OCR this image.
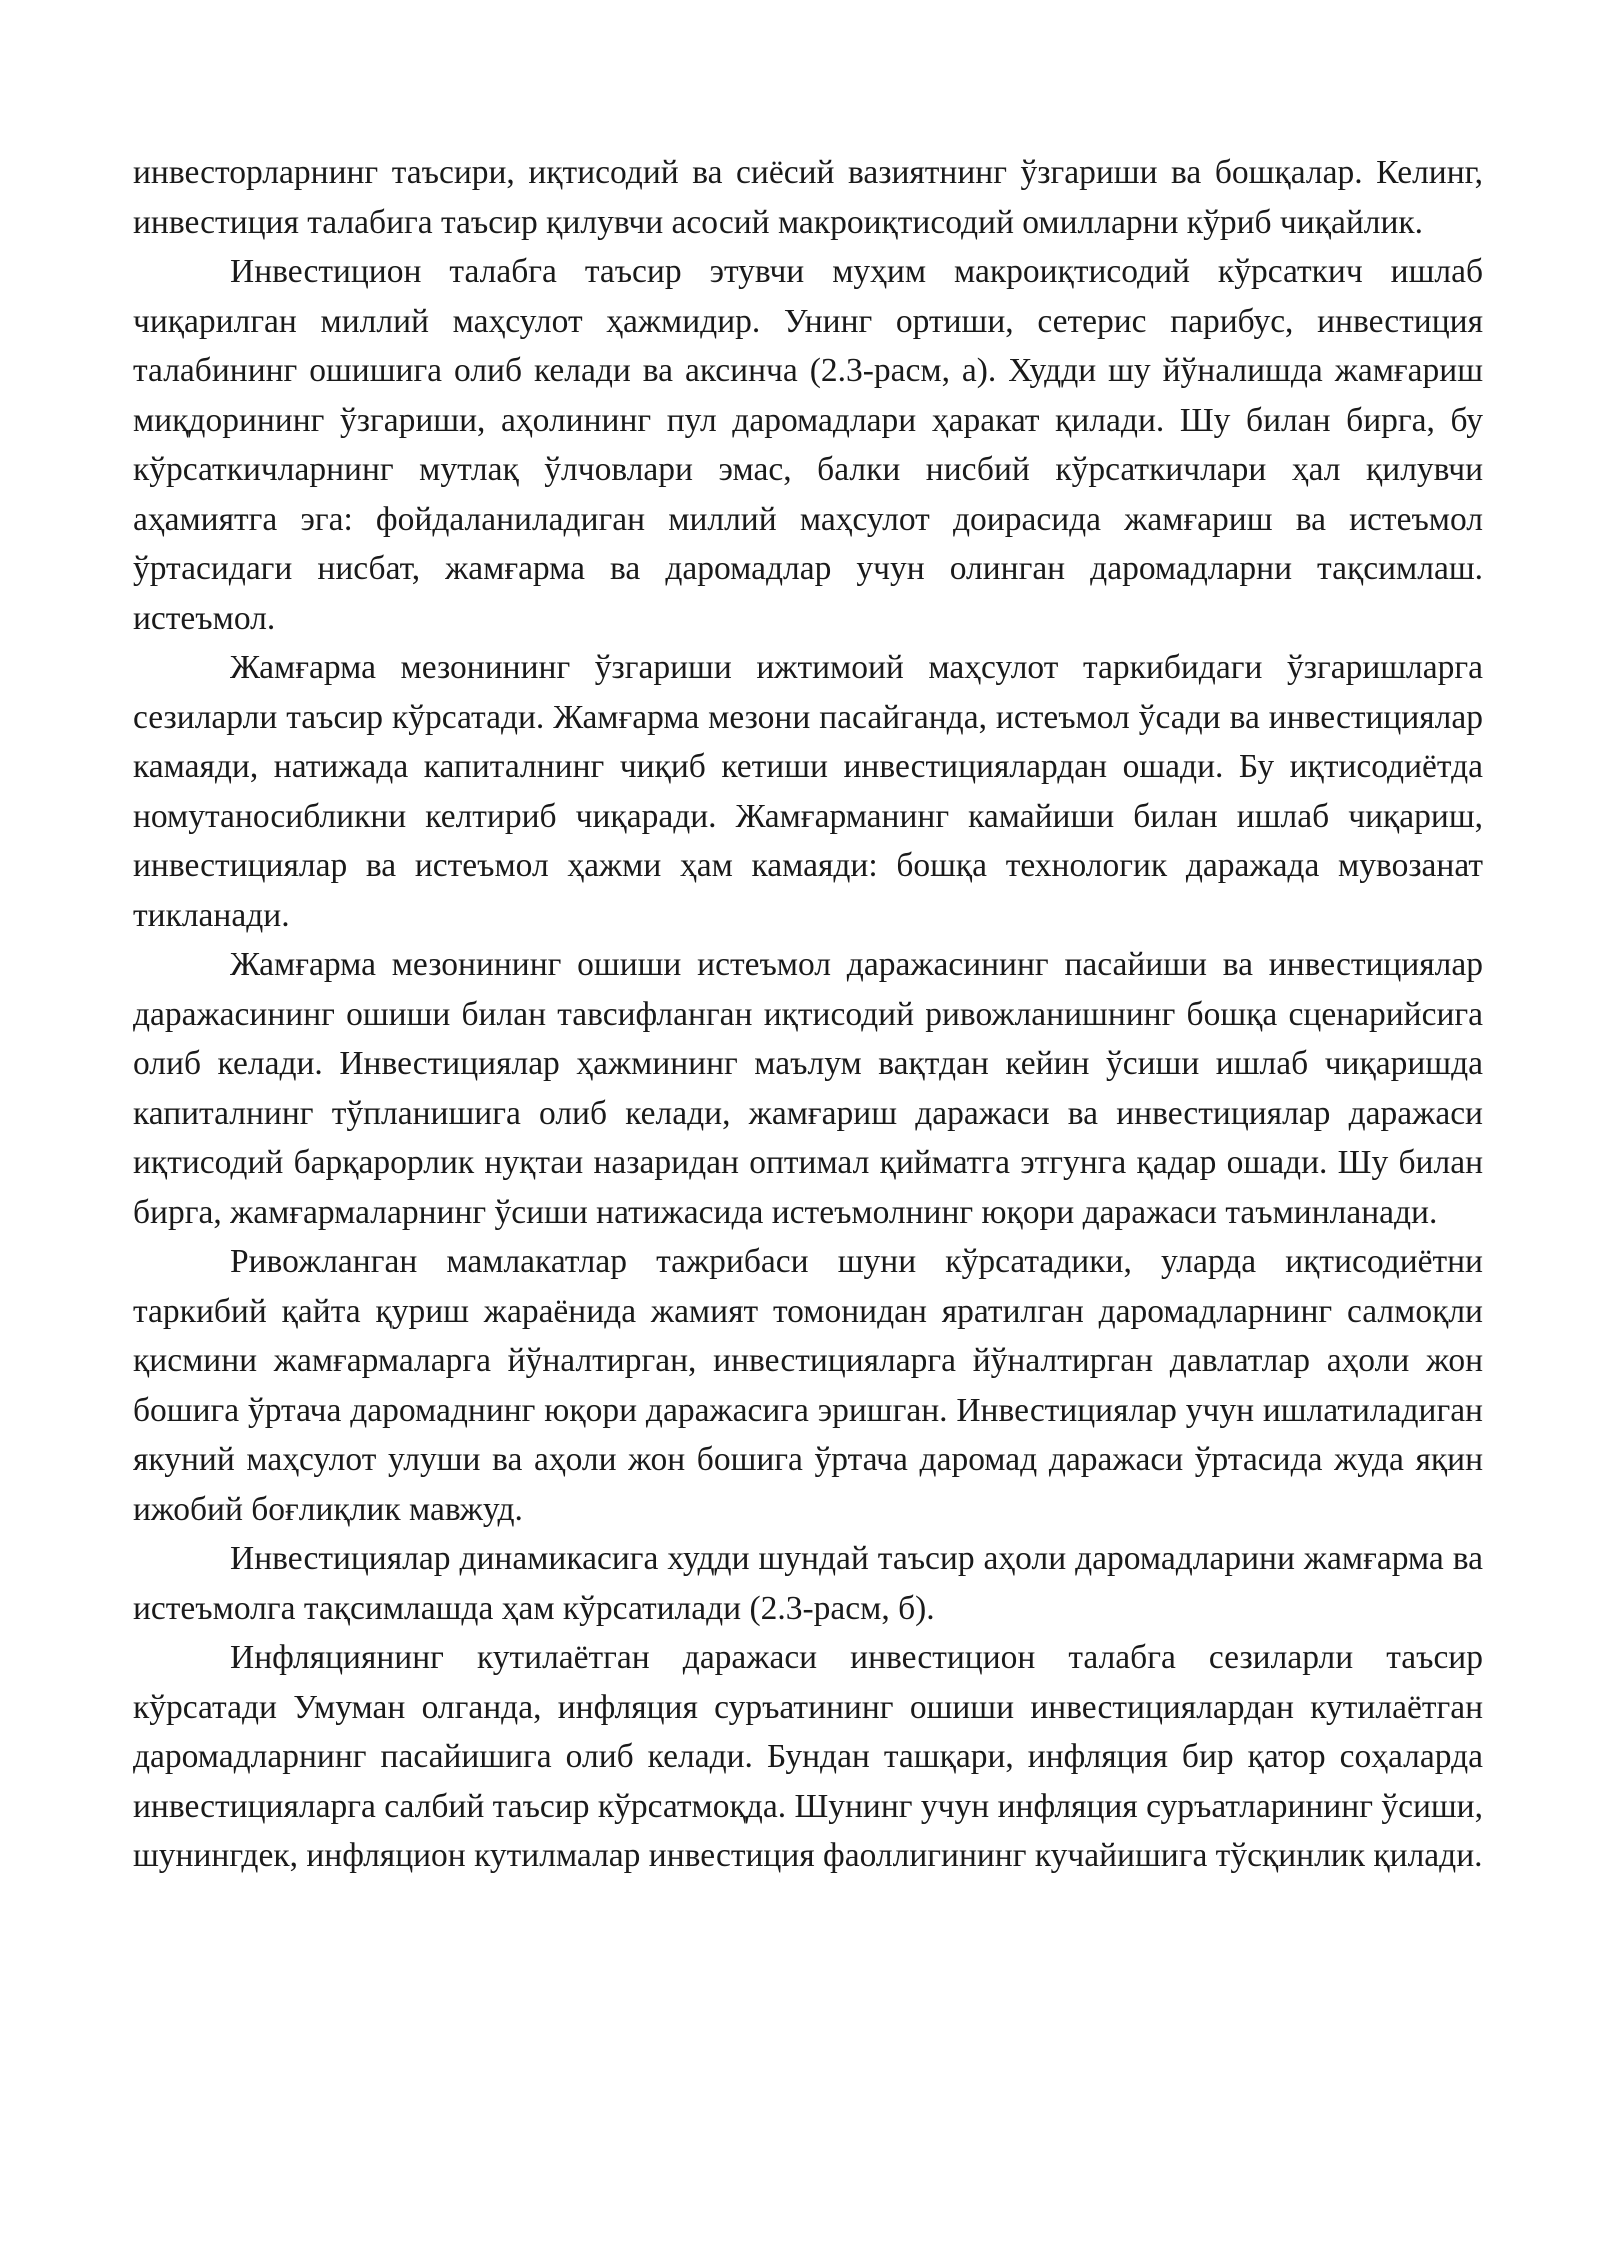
инвесторларнинг таъсири, иқтисодий ва сиёсий вазиятнинг ўзгариши ва бошқалар. Келинг, инвестиция талабига таъсир қилувчи асосий макроиқтисодий омилларни кўриб чиқайлик.

Инвестицион талабга таъсир этувчи муҳим макроиқтисодий кўрсаткич ишлаб чиқарилган миллий маҳсулот ҳажмидир. Унинг ортиши, сетерис парибус, инвестиция талабининг ошишига олиб келади ва аксинча (2.3-расм, а). Худди шу йўналишда жамғариш миқдорининг ўзгариши, аҳолининг пул даромадлари ҳаракат қилади. Шу билан бирга, бу кўрсаткичларнинг мутлақ ўлчовлари эмас, балки нисбий кўрсаткичлари ҳал қилувчи аҳамиятга эга: фойдаланиладиган миллий маҳсулот доирасида жамғариш ва истеъмол ўртасидаги нисбат, жамғарма ва даромадлар учун олинган даромадларни тақсимлаш. истеъмол.

Жамғарма мезонининг ўзгариши ижтимоий маҳсулот таркибидаги ўзгаришларга сезиларли таъсир кўрсатади. Жамғарма мезони пасайганда, истеъмол ўсади ва инвестициялар камаяди, натижада капиталнинг чиқиб кетиши инвестициялардан ошади. Бу иқтисодиётда номутаносибликни келтириб чиқаради. Жамғарманинг камайиши билан ишлаб чиқариш, инвестициялар ва истеъмол ҳажми ҳам камаяди: бошқа технологик даражада мувозанат тикланади.

Жамғарма мезонининг ошиши истеъмол даражасининг пасайиши ва инвестициялар даражасининг ошиши билан тавсифланган иқтисодий ривожланишнинг бошқа сценарийсига олиб келади. Инвестициялар ҳажмининг маълум вақтдан кейин ўсиши ишлаб чиқаришда капиталнинг тўпланишига олиб келади, жамғариш даражаси ва инвестициялар даражаси иқтисодий барқарорлик нуқтаи назаридан оптимал қийматга этгунга қадар ошади. Шу билан бирга, жамғармаларнинг ўсиши натижасида истеъмолнинг юқори даражаси таъминланади.

Ривожланган мамлакатлар тажрибаси шуни кўрсатадики, уларда иқтисодиётни таркибий қайта қуриш жараёнида жамият томонидан яратилган даромадларнинг салмоқли қисмини жамғармаларга йўналтирган, инвестицияларга йўналтирган давлатлар аҳоли жон бошига ўртача даромаднинг юқори даражасига эришган. Инвестициялар учун ишлатиладиган якуний маҳсулот улуши ва аҳоли жон бошига ўртача даромад даражаси ўртасида жуда яқин ижобий боғлиқлик мавжуд.

Инвестициялар динамикасига худди шундай таъсир аҳоли даромадларини жамғарма ва истеъмолга тақсимлашда ҳам кўрсатилади (2.3-расм, б).

Инфляциянинг кутилаётган даражаси инвестицион талабга сезиларли таъсир кўрсатади Умуман олганда, инфляция суръатининг ошиши инвестициялардан кутилаётган даромадларнинг пасайишига олиб келади. Бундан ташқари, инфляция бир қатор соҳаларда инвестицияларга салбий таъсир кўрсатмоқда. Шунинг учун инфляция суръатларининг ўсиши, шунингдек, инфляцион кутилмалар инвестиция фаоллигининг кучайишига тўсқинлик қилади.
